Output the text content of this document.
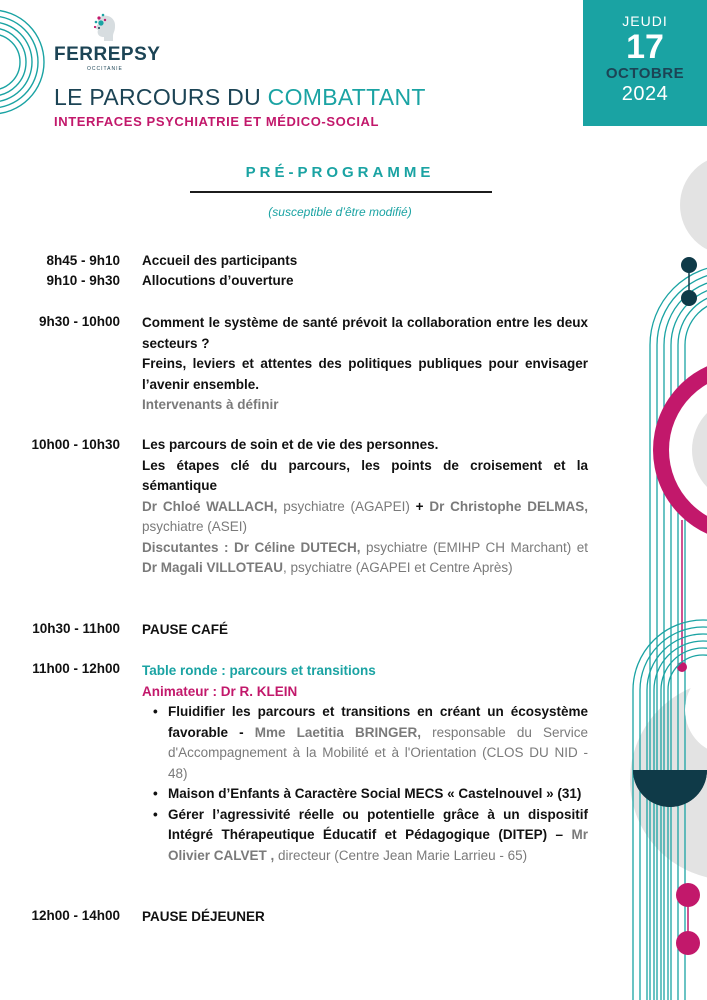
FERREPSY
OCCITANIE
LE PARCOURS DU COMBATTANT
INTERFACES PSYCHIATRIE ET MÉDICO-SOCIAL
JEUDI
17
OCTOBRE
2024
PRÉ-PROGRAMME
(susceptible d’être modifié)
8h45 - 9h10 Accueil des participants

9h10 - 9h30 Allocutions d’ouverture

9h30 - 10h00 Comment le système de santé prévoit la collaboration entre les deux secteurs ?

Freins, leviers et attentes des politiques publiques pour envisager l’avenir ensemble.

Intervenants à définir

10h00 - 10h30 Les parcours de soin et de vie des personnes.

Les étapes clé du parcours, les points de croisement et la sémantique

Dr Chloé WALLACH, psychiatre (AGAPEI) + Dr Christophe DELMAS, psychiatre (ASEI)

Discutantes : Dr Céline DUTECH, psychiatre (EMIHP CH Marchant) et Dr Magali VILLOTEAU, psychiatre (AGAPEI et Centre Après)

10h30 - 11h00 PAUSE CAFÉ

11h00 - 12h00 Table ronde : parcours et transitions

Animateur : Dr R. KLEIN

• Fluidifier les parcours et transitions en créant un écosystème favorable - Mme Laetitia BRINGER, responsable du Service d'Accompagnement à la Mobilité et à l'Orientation (CLOS DU NID - 48)
• Maison d’Enfants à Caractère Social MECS « Castelnouvel » (31)
• Gérer l’agressivité réelle ou potentielle grâce à un dispositif Intégré Thérapeutique Éducatif et Pédagogique (DITEP) – Mr Olivier CALVET , directeur (Centre Jean Marie Larrieu - 65)
12h00 - 14h00 PAUSE DÉJEUNER
